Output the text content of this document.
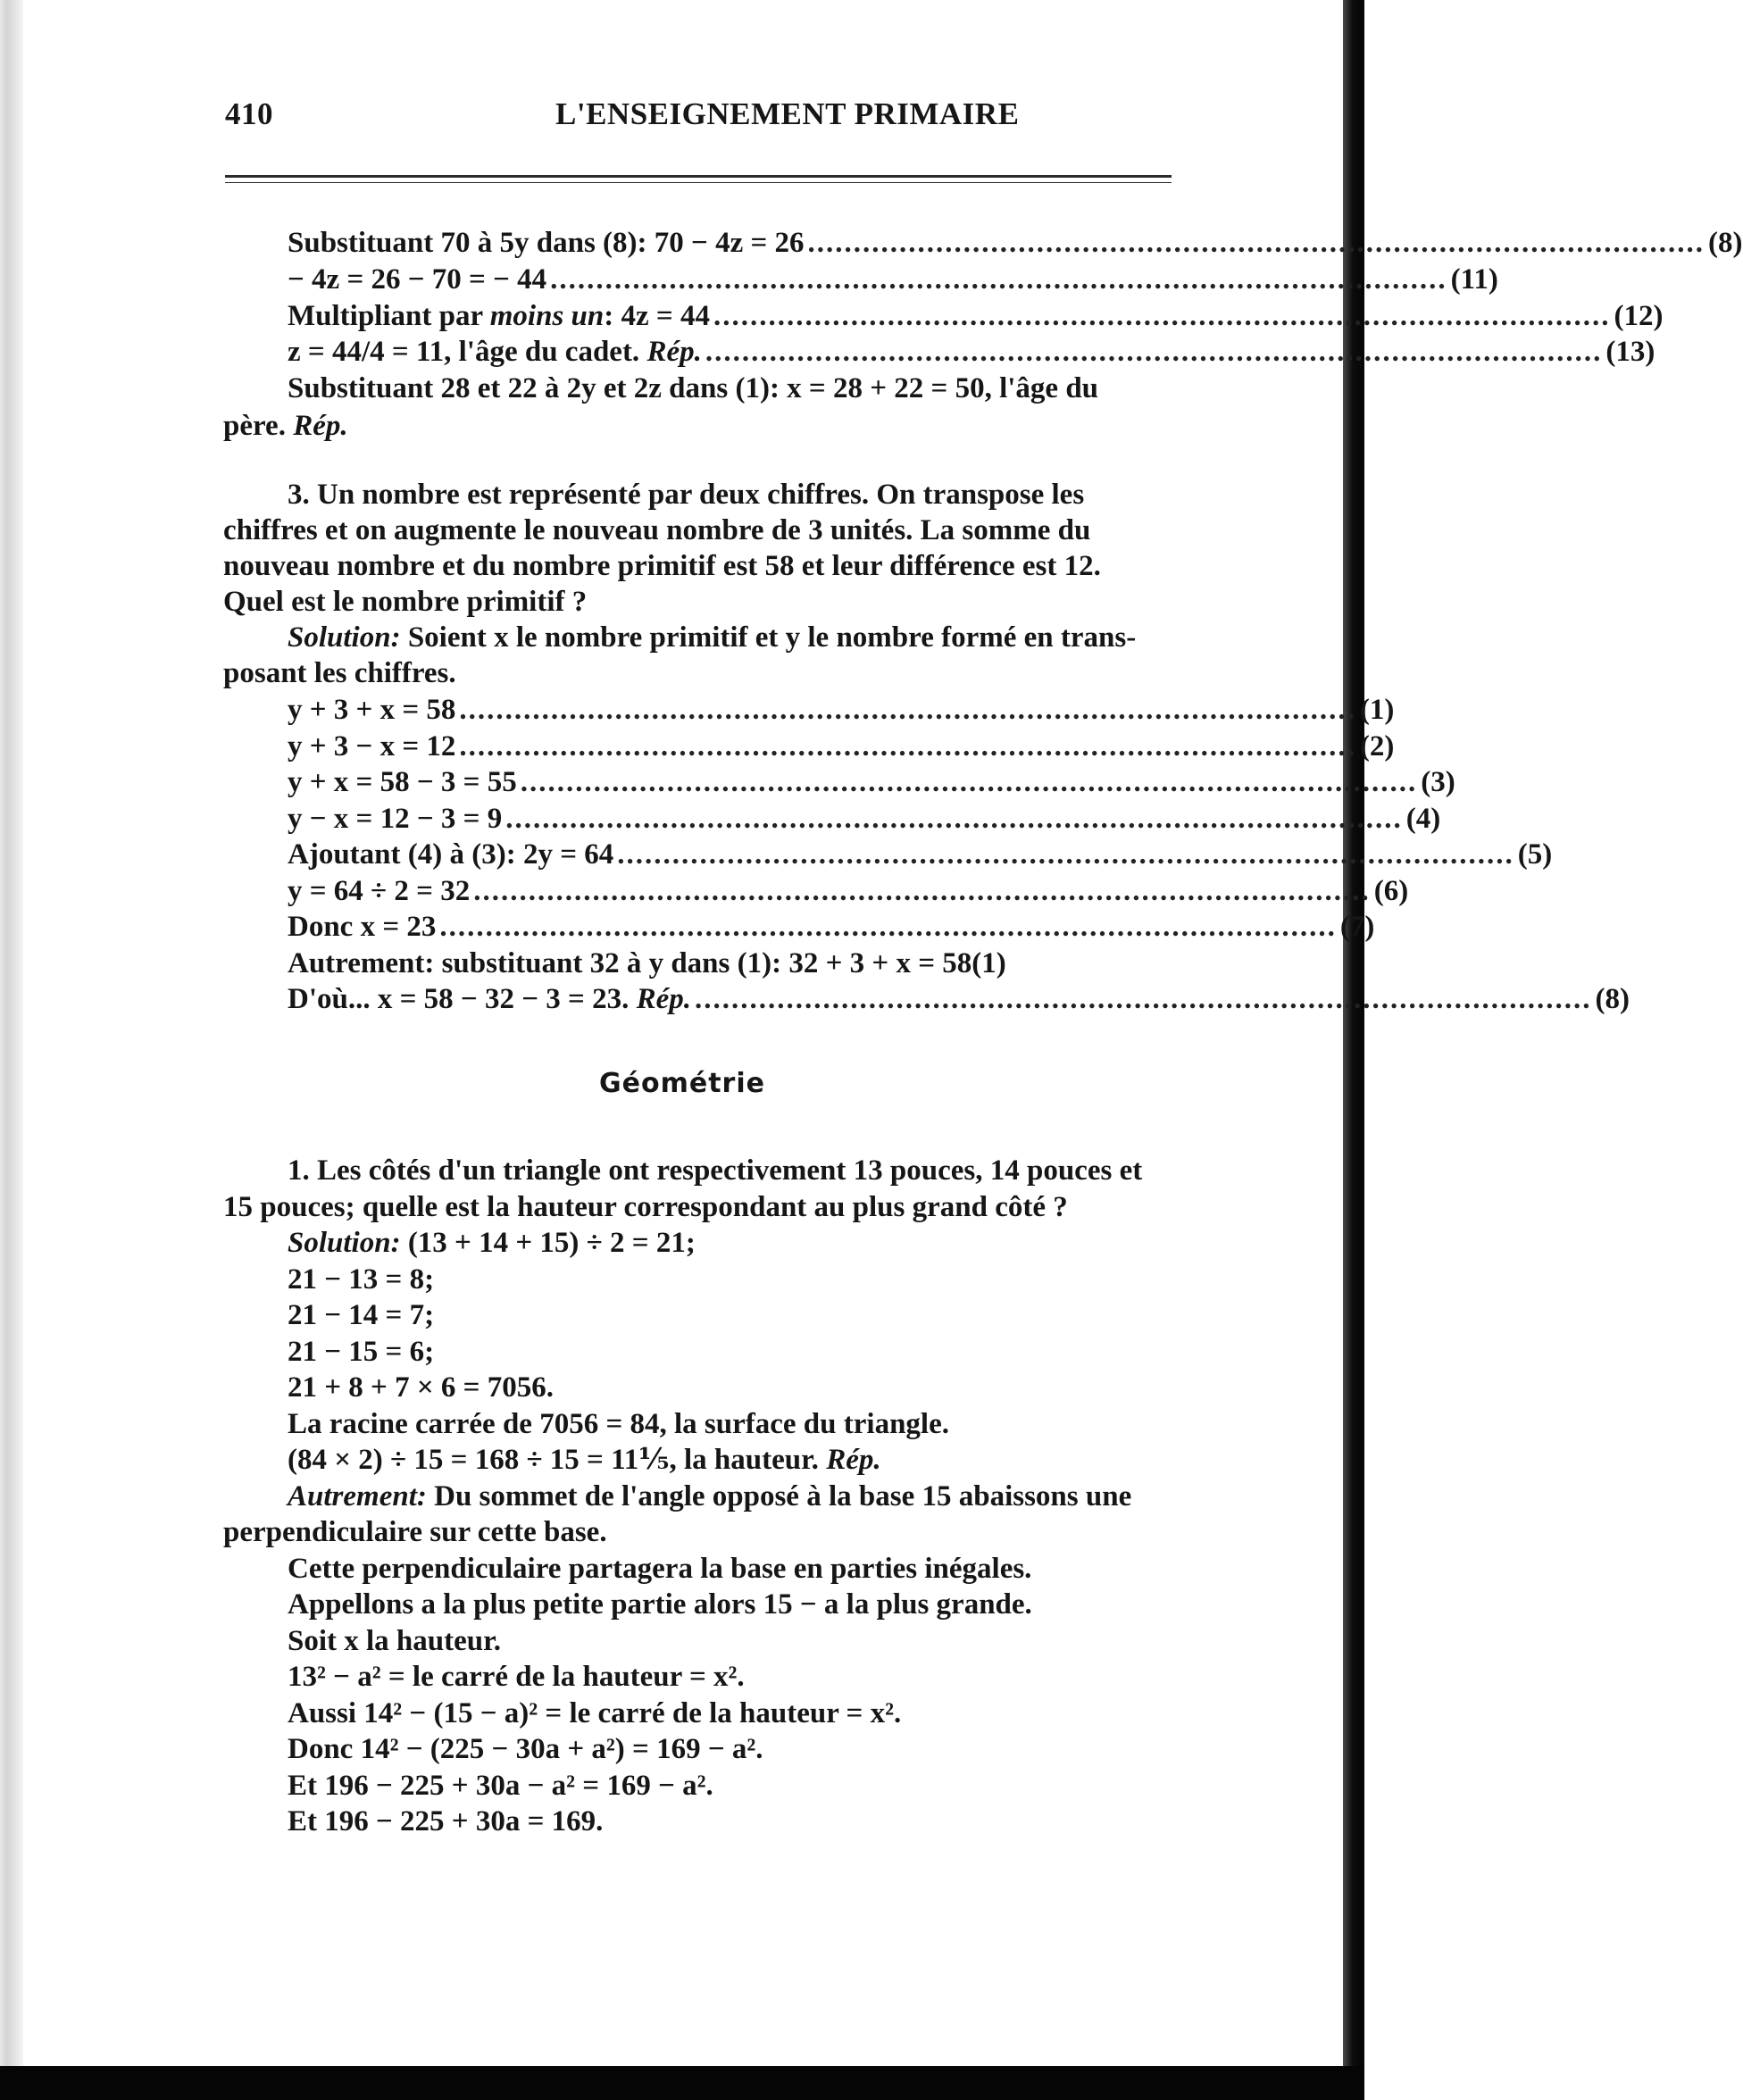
410	L'ENSEIGNEMENT PRIMAIRE
Substituant 70 à 5y dans (8): 70 − 4z = 26 .................................................................................................. (8)
− 4z = 26 − 70 = − 44 .................................................................................................. (11)
Multipliant par moins un: 4z = 44 .................................................................................................. (12)
z = 44/4 = 11, l'âge du cadet. Rép. .................................................................................................. (13)
Substituant 28 et 22 à 2y et 2z dans (1): x = 28 + 22 = 50, l'âge du
père. Rép.
3. Un nombre est représenté par deux chiffres. On transpose les
chiffres et on augmente le nouveau nombre de 3 unités. La somme du
nouveau nombre et du nombre primitif est 58 et leur différence est 12.
Quel est le nombre primitif ?
Solution: Soient x le nombre primitif et y le nombre formé en trans-
posant les chiffres.
y + 3 + x = 58 .................................................................................................. (1)
y + 3 − x = 12 .................................................................................................. (2)
y + x = 58 − 3 = 55 .................................................................................................. (3)
y − x = 12 − 3 = 9 .................................................................................................. (4)
Ajoutant (4) à (3): 2y = 64 .................................................................................................. (5)
y = 64 ÷ 2 = 32 .................................................................................................. (6)
Donc x = 23 .................................................................................................. (7)
Autrement: substituant 32 à y dans (1): 32 + 3 + x = 58(1)
D'où... x = 58 − 32 − 3 = 23. Rép. .................................................................................................. (8)
Géométrie
1. Les côtés d'un triangle ont respectivement 13 pouces, 14 pouces et
15 pouces; quelle est la hauteur correspondant au plus grand côté ?
Solution: (13 + 14 + 15) ÷ 2 = 21;
21 − 13 = 8;
21 − 14 = 7;
21 − 15 = 6;
21 + 8 + 7 × 6 = 7056.
La racine carrée de 7056 = 84, la surface du triangle.
(84 × 2) ÷ 15 = 168 ÷ 15 = 11⅕, la hauteur. Rép.
Autrement: Du sommet de l'angle opposé à la base 15 abaissons une
perpendiculaire sur cette base.
Cette perpendiculaire partagera la base en parties inégales.
Appellons a la plus petite partie alors 15 − a la plus grande.
Soit x la hauteur.
13² − a² = le carré de la hauteur = x².
Aussi 14² − (15 − a)² = le carré de la hauteur = x².
Donc 14² − (225 − 30a + a²) = 169 − a².
Et 196 − 225 + 30a − a² = 169 − a².
Et 196 − 225 + 30a = 169.
